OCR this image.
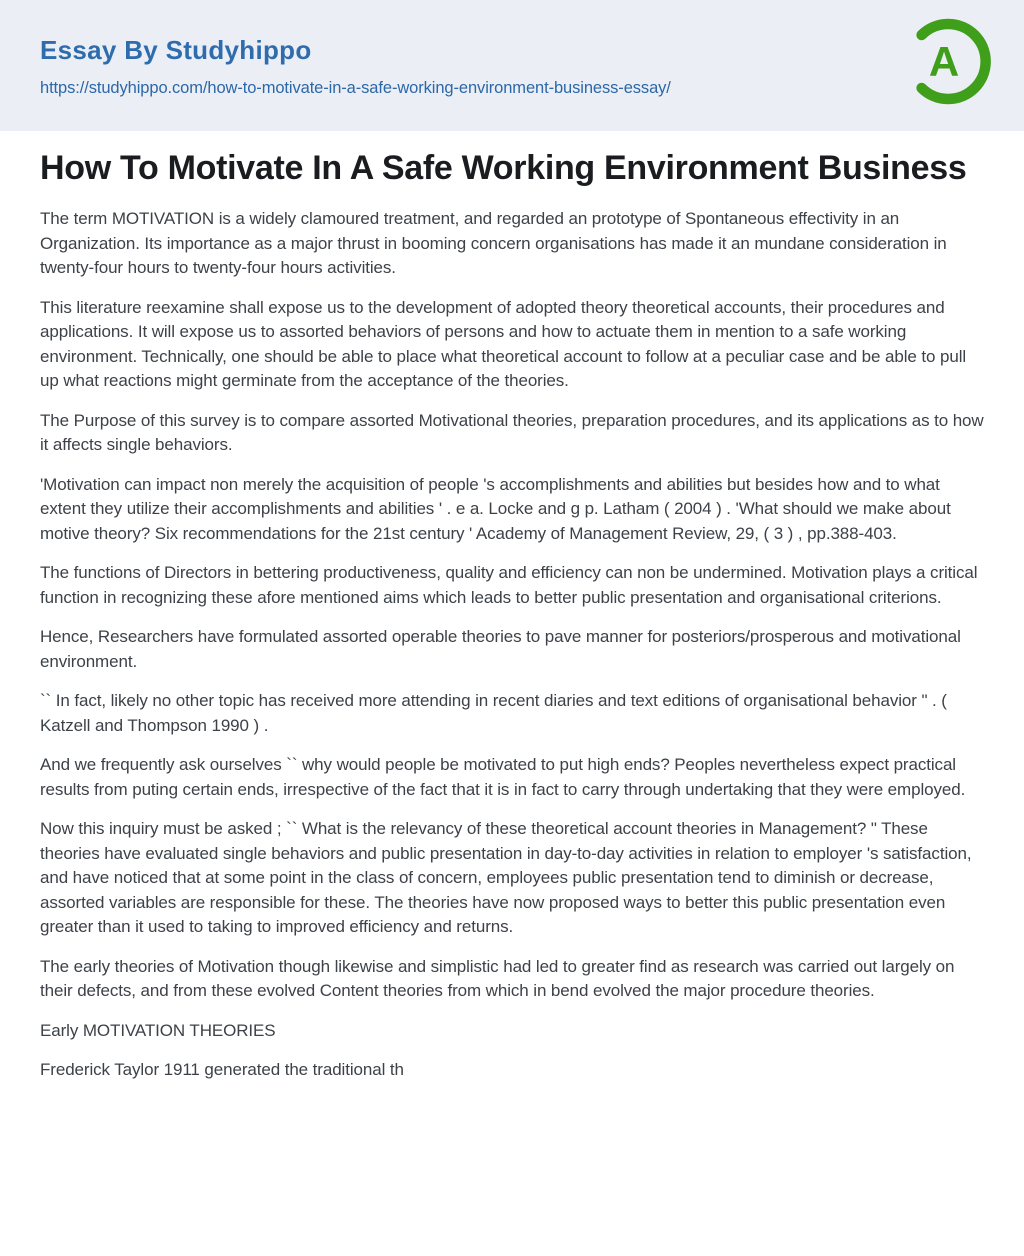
Essay By Studyhippo
https://studyhippo.com/how-to-motivate-in-a-safe-working-environment-business-essay/
A
How To Motivate In A Safe Working Environment Business

The term MOTIVATION is a widely clamoured treatment, and regarded an prototype of Spontaneous effectivity in an Organization. Its importance as a major thrust in booming concern organisations has made it an mundane consideration in twenty-four hours to twenty-four hours activities.

This literature reexamine shall expose us to the development of adopted theory theoretical accounts, their procedures and applications. It will expose us to assorted behaviors of persons and how to actuate them in mention to a safe working environment. Technically, one should be able to place what theoretical account to follow at a peculiar case and be able to pull up what reactions might germinate from the acceptance of the theories.

The Purpose of this survey is to compare assorted Motivational theories, preparation procedures, and its applications as to how it affects single behaviors.

'Motivation can impact non merely the acquisition of people 's accomplishments and abilities but besides how and to what extent they utilize their accomplishments and abilities ' . e a. Locke and g p. Latham ( 2004 ) . 'What should we make about motive theory? Six recommendations for the 21st century ' Academy of Management Review, 29, ( 3 ) , pp.388-403.

The functions of Directors in bettering productiveness, quality and efficiency can non be undermined. Motivation plays a critical function in recognizing these afore mentioned aims which leads to better public presentation and organisational criterions.

Hence, Researchers have formulated assorted operable theories to pave manner for posteriors/prosperous and motivational environment.

`` In fact, likely no other topic has received more attending in recent diaries and text editions of organisational behavior " . ( Katzell and Thompson 1990 ) .

And we frequently ask ourselves `` why would people be motivated to put high ends? Peoples nevertheless expect practical results from puting certain ends, irrespective of the fact that it is in fact to carry through undertaking that they were employed.

Now this inquiry must be asked ; `` What is the relevancy of these theoretical account theories in Management? " These theories have evaluated single behaviors and public presentation in day-to-day activities in relation to employer 's satisfaction, and have noticed that at some point in the class of concern, employees public presentation tend to diminish or decrease, assorted variables are responsible for these. The theories have now proposed ways to better this public presentation even greater than it used to taking to improved efficiency and returns.

The early theories of Motivation though likewise and simplistic had led to greater find as research was carried out largely on their defects, and from these evolved Content theories from which in bend evolved the major procedure theories.

Early MOTIVATION THEORIES

Frederick Taylor 1911 generated the traditional th
